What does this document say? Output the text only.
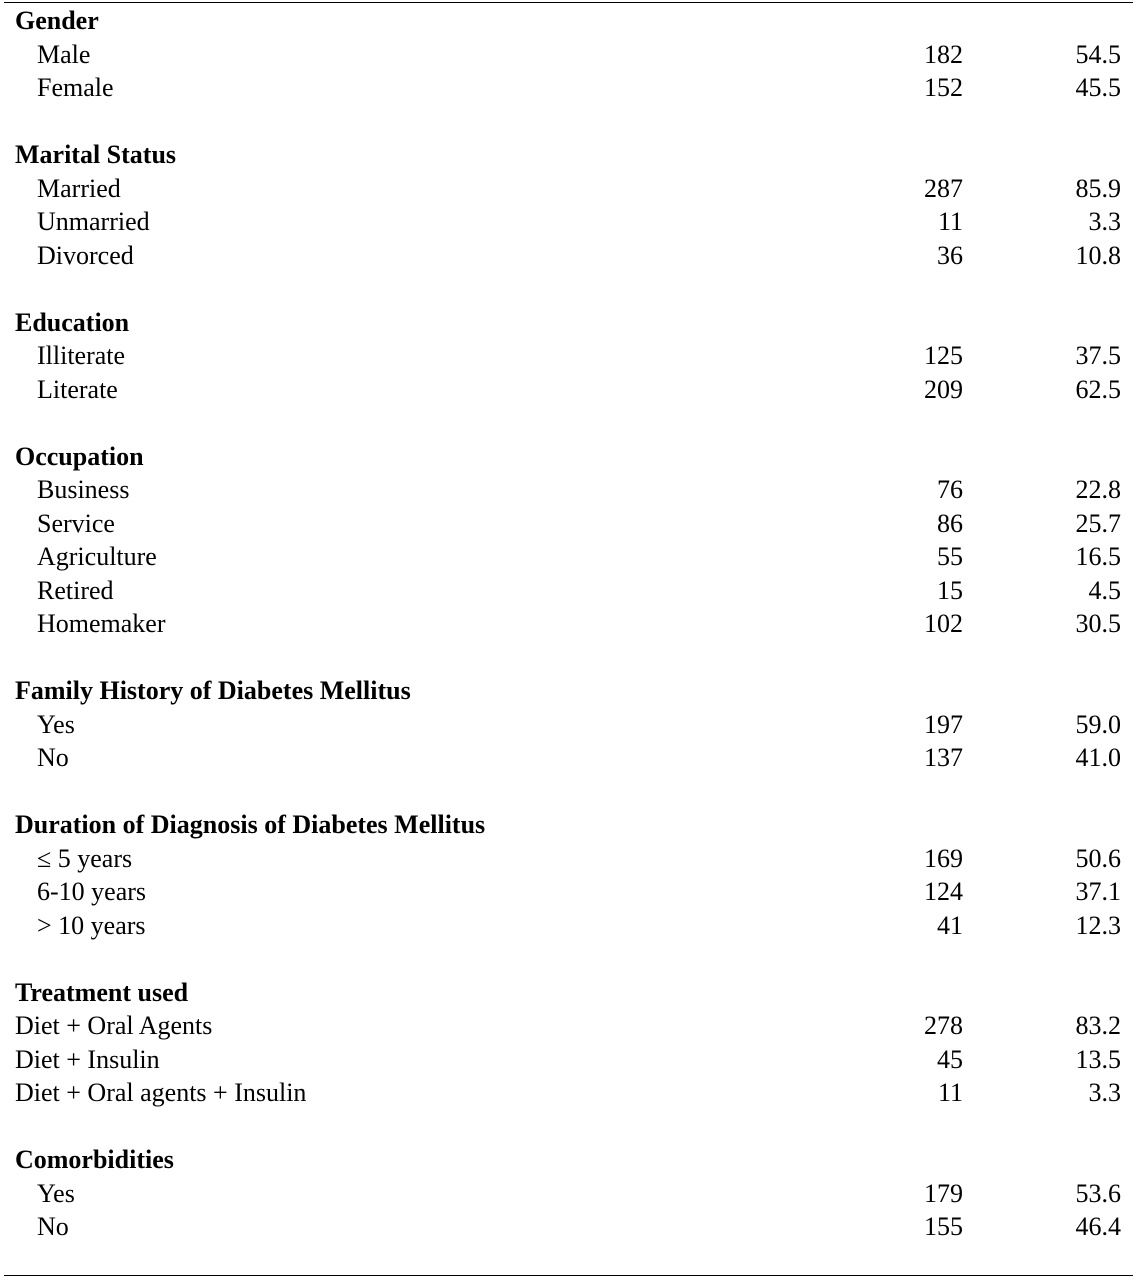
Gender
Male	182	54.5
Female	152	45.5
Marital Status
Married	287	85.9
Unmarried	11	3.3
Divorced	36	10.8
Education
Illiterate	125	37.5
Literate	209	62.5
Occupation
Business	76	22.8
Service	86	25.7
Agriculture	55	16.5
Retired	15	4.5
Homemaker	102	30.5
Family History of Diabetes Mellitus
Yes	197	59.0
No	137	41.0
Duration of Diagnosis of Diabetes Mellitus
≤ 5 years	169	50.6
6-10 years	124	37.1
> 10 years	41	12.3
Treatment used
Diet + Oral Agents	278	83.2
Diet + Insulin	45	13.5
Diet + Oral agents + Insulin	11	3.3
Comorbidities
Yes	179	53.6
No	155	46.4
